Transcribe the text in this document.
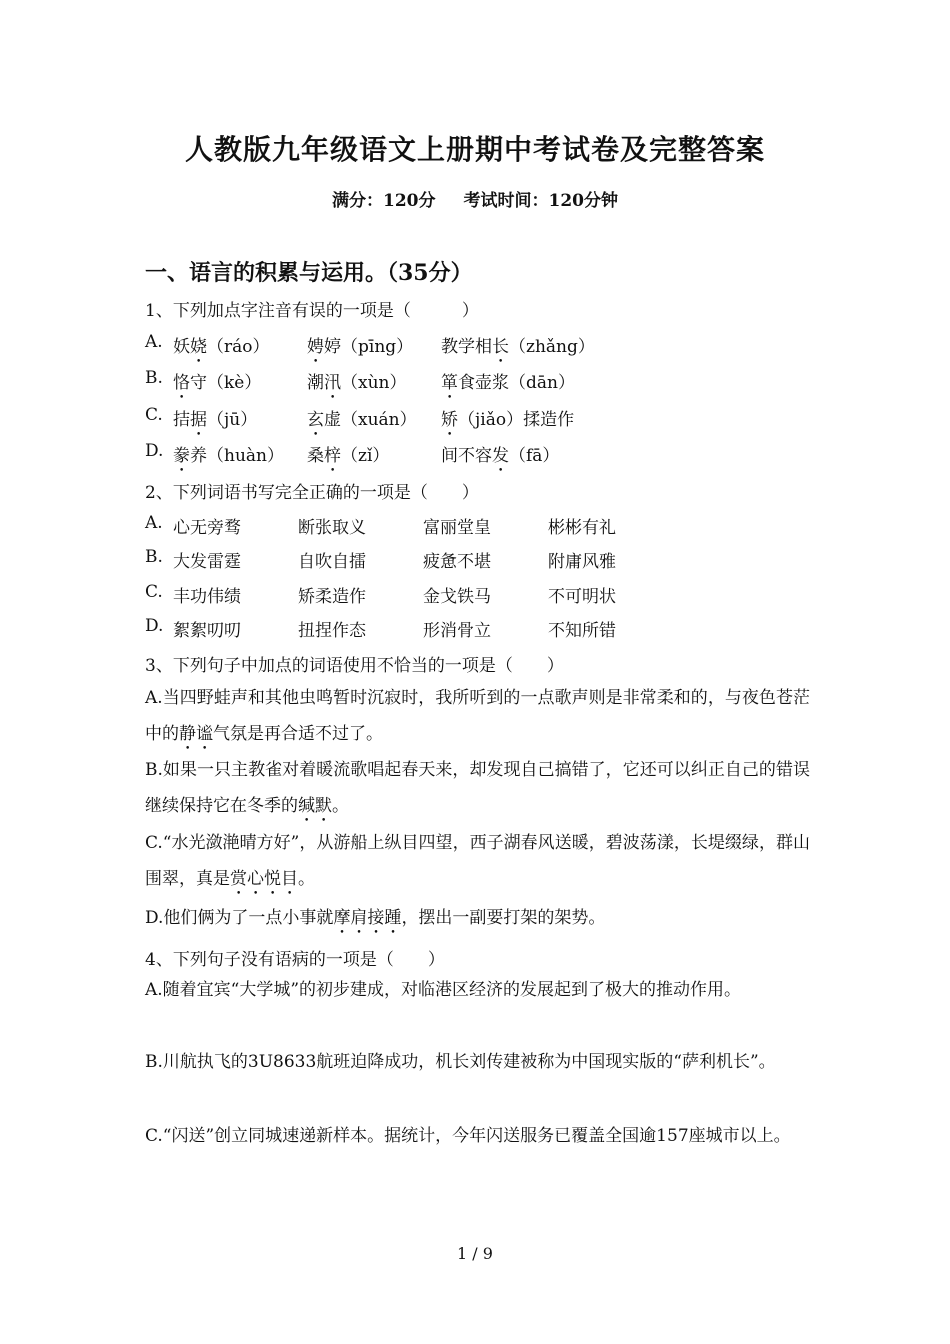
人教版九年级语文上册期中考试卷及完整答案
满分：120分 考试时间：120分钟
一、语言的积累与运用。（35分）
1、下列加点字注音有误的一项是（　　　）
A. 妖娆（ráo） 娉婷（pīng） 教学相长（zhǎng）
B. 恪守（kè）	潮汛（xùn） 箪食壶浆（dān）
C. 拮据（jū）	玄虚（xuán） 矫（jiǎo）揉造作
D. 豢养（huàn） 桑梓（zǐ）	间不容发（fā）
2、下列词语书写完全正确的一项是（　　）
A. 心无旁骛	断张取义	富丽堂皇	彬彬有礼
B. 大发雷霆	自吹自擂	疲惫不堪	附庸风雅
C. 丰功伟绩	矫柔造作	金戈铁马	不可明状
D. 絮絮叨叨	扭捏作态	形消骨立	不知所错
3、下列句子中加点的词语使用不恰当的一项是（　　）
A.当四野蛙声和其他虫鸣暂时沉寂时，我所听到的一点歌声则是非常柔和的，与夜色苍茫中的静谧气氛是再合适不过了。
B.如果一只主教雀对着暖流歌唱起春天来，却发现自己搞错了，它还可以纠正自己的错误继续保持它在冬季的缄默。
C.“水光潋滟晴方好”，从游船上纵目四望，西子湖春风送暖，碧波荡漾，长堤缀绿，群山围翠，真是赏心悦目。
D.他们俩为了一点小事就摩肩接踵，摆出一副要打架的架势。
4、下列句子没有语病的一项是（　　）
A.随着宜宾“大学城”的初步建成，对临港区经济的发展起到了极大的推动作用。
B.川航执飞的3U8633航班迫降成功，机长刘传建被称为中国现实版的“萨利机长”。
C.“闪送”创立同城速递新样本。据统计，今年闪送服务已覆盖全国逾157座城市以上。
1 / 9
